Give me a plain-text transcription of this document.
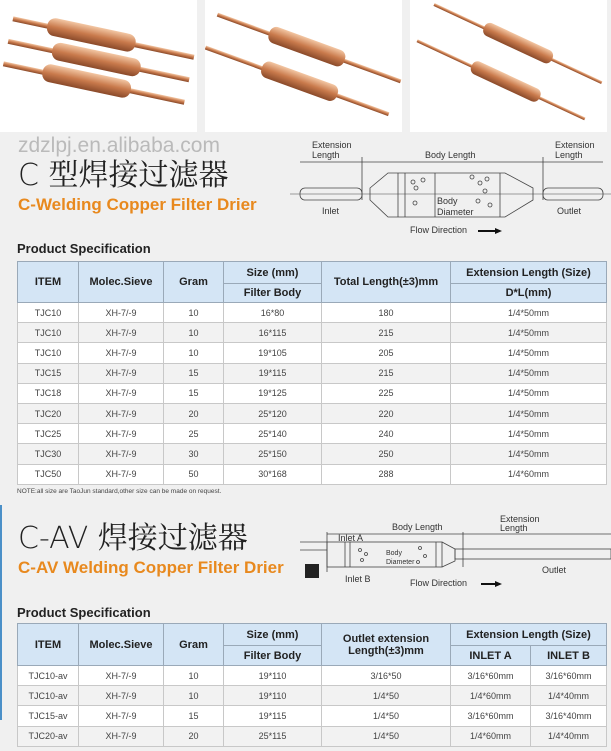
zdzlpj.en.alibaba.com
C 型焊接过滤器
C-Welding Copper Filter Drier
Extension
Length	Body Length
Extension
Length
Inlet
Body
Diameter	Outlet
Flow Direction
Product Specification
ITEM	Molec.Sieve	Gram	Size (mm)	Total Length(±3)mm	Extension Length (Size)
			Filter Body		D*L(mm)
TJC10	XH-7/-9	10	16*80	180	1/4*50mm
TJC10	XH-7/-9	10	16*115	215	1/4*50mm
TJC10	XH-7/-9	10	19*105	205	1/4*50mm
TJC15	XH-7/-9	15	19*115	215	1/4*50mm
TJC18	XH-7/-9	15	19*125	225	1/4*50mm
TJC20	XH-7/-9	20	25*120	220	1/4*50mm
TJC25	XH-7/-9	25	25*140	240	1/4*50mm
TJC30	XH-7/-9	30	25*150	250	1/4*50mm
TJC50	XH-7/-9	50	30*168	288	1/4*60mm
NOTE:all size are TaoJun standard,other size can be made on request.
C-AV 焊接过滤器
C-AV Welding Copper Filter Drier
Extension
Length
Body Length
Inlet A
Inlet B
Body
Diameter
Outlet
Flow Direction
Product Specification
ITEM	Molec.Sieve	Gram	Size (mm)	Outlet extension Length(±3)mm	Extension Length (Size)	
			Filter Body		INLET A	INLET B
TJC10-av	XH-7/-9	10	19*110	3/16*50	3/16*60mm	3/16*60mm
TJC10-av	XH-7/-9	10	19*110	1/4*50	1/4*60mm	1/4*40mm
TJC15-av	XH-7/-9	15	19*115	1/4*50	3/16*60mm	3/16*40mm
TJC20-av	XH-7/-9	20	25*115	1/4*50	1/4*60mm	1/4*40mm
